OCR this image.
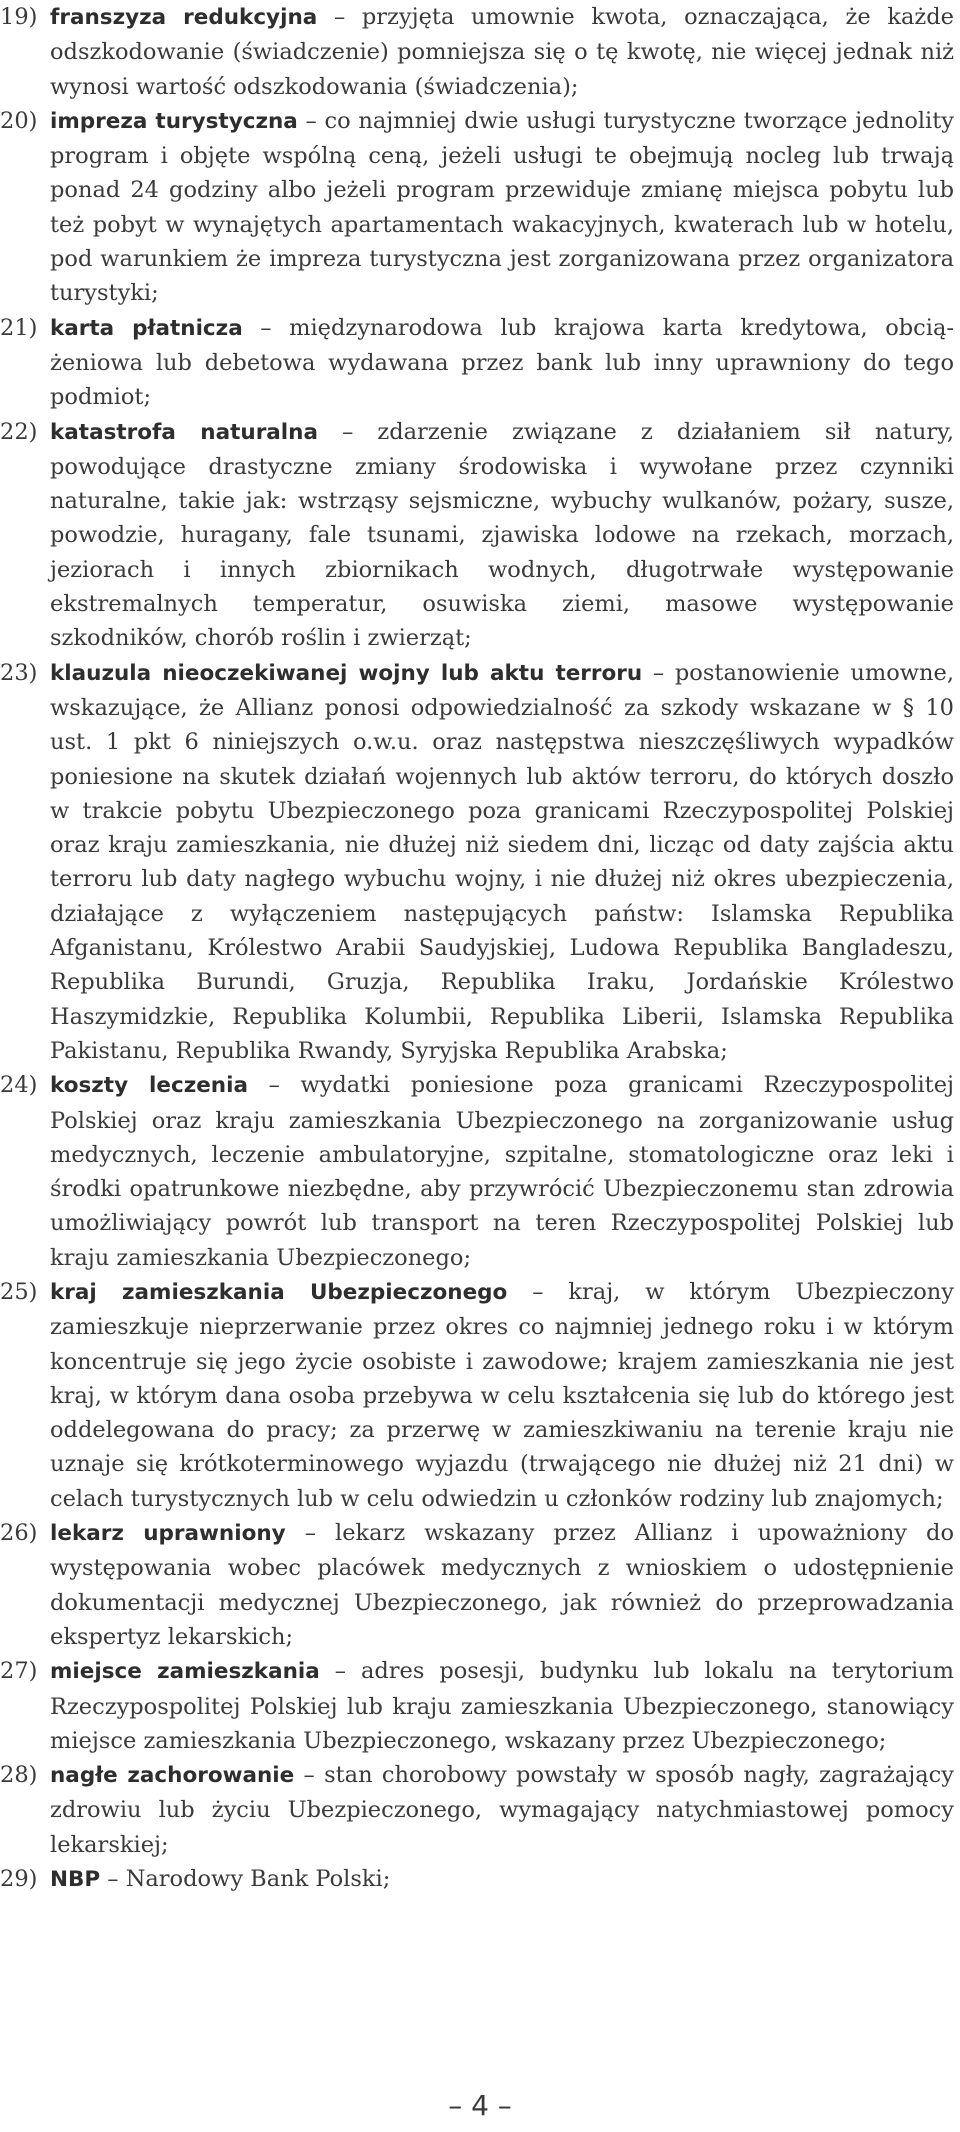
19) franszyza redukcyjna – przyjęta umownie kwota, oznaczająca, że każde odszkodowanie (świadczenie) pomniejsza się o tę kwotę, nie więcej jednak niż wynosi wartość odszkodowania (świadczenia);
20) impreza turystyczna – co najmniej dwie usługi turystyczne tworzące jednolity program i objęte wspólną ceną, jeżeli usługi te obejmują nocleg lub trwają ponad 24 godziny albo jeżeli program przewiduje zmianę miejsca pobytu lub też pobyt w wynajętych apartamentach wakacyjnych, kwaterach lub w hotelu, pod warunkiem że impreza turystyczna jest zorganizowana przez organizatora turystyki;
21) karta płatnicza – międzynarodowa lub krajowa karta kredytowa, obciążeniowa lub debetowa wydawana przez bank lub inny uprawniony do tego podmiot;
22) katastrofa naturalna – zdarzenie związane z działaniem sił natury, powodujące drastyczne zmiany środowiska i wywołane przez czynniki naturalne, takie jak: wstrząsy sejsmiczne, wybuchy wulkanów, pożary, susze, powodzie, huragany, fale tsunami, zjawiska lodowe na rzekach, morzach, jeziorach i innych zbiornikach wodnych, długotrwałe występowanie ekstremalnych temperatur, osuwiska ziemi, masowe występowanie szkodników, chorób roślin i zwierząt;
23) klauzula nieoczekiwanej wojny lub aktu terroru – postanowienie umowne, wskazujące, że Allianz ponosi odpowiedzialność za szkody wskazane w § 10 ust. 1 pkt 6 niniejszych o.w.u. oraz następstwa nieszczęśliwych wypadków poniesione na skutek działań wojennych lub aktów terroru, do których doszło w trakcie pobytu Ubezpieczonego poza granicami Rzeczypospolitej Polskiej oraz kraju zamieszkania, nie dłużej niż siedem dni, licząc od daty zajścia aktu terroru lub daty nagłego wybuchu wojny, i nie dłużej niż okres ubezpieczenia, działające z wyłączeniem następujących państw: Islamska Republika Afganistanu, Królestwo Arabii Saudyjskiej, Ludowa Republika Bangladeszu, Republika Burundi, Gruzja, Republika Iraku, Jordańskie Królestwo Haszymidzkie, Republika Kolumbii, Republika Liberii, Islamska Republika Pakistanu, Republika Rwandy, Syryjska Republika Arabska;
24) koszty leczenia – wydatki poniesione poza granicami Rzeczypospolitej Polskiej oraz kraju zamieszkania Ubezpieczonego na zorganizowanie usług medycznych, leczenie ambulatoryjne, szpitalne, stomatologiczne oraz leki i środki opatrunkowe niezbędne, aby przywrócić Ubezpieczonemu stan zdrowia umożliwiający powrót lub transport na teren Rzeczypospolitej Polskiej lub kraju zamieszkania Ubezpieczonego;
25) kraj zamieszkania Ubezpieczonego – kraj, w którym Ubezpieczony zamieszkuje nieprzerwanie przez okres co najmniej jednego roku i w którym koncentruje się jego życie osobiste i zawodowe; krajem zamieszkania nie jest kraj, w którym dana osoba przebywa w celu kształcenia się lub do którego jest oddelegowana do pracy; za przerwę w zamieszkiwaniu na terenie kraju nie uznaje się krótkoterminowego wyjazdu (trwającego nie dłużej niż 21 dni) w celach turystycznych lub w celu odwiedzin u członków rodziny lub znajomych;
26) lekarz uprawniony – lekarz wskazany przez Allianz i upoważniony do występowania wobec placówek medycznych z wnioskiem o udostępnienie dokumentacji medycznej Ubezpieczonego, jak również do przeprowadzania ekspertyz lekarskich;
27) miejsce zamieszkania – adres posesji, budynku lub lokalu na terytorium Rzeczypospolitej Polskiej lub kraju zamieszkania Ubezpieczonego, stanowiący miejsce zamieszkania Ubezpieczonego, wskazany przez Ubezpieczonego;
28) nagłe zachorowanie – stan chorobowy powstały w sposób nagły, zagrażający zdrowiu lub życiu Ubezpieczonego, wymagający natychmiastowej pomocy lekarskiej;
29) NBP – Narodowy Bank Polski;
– 4 –
